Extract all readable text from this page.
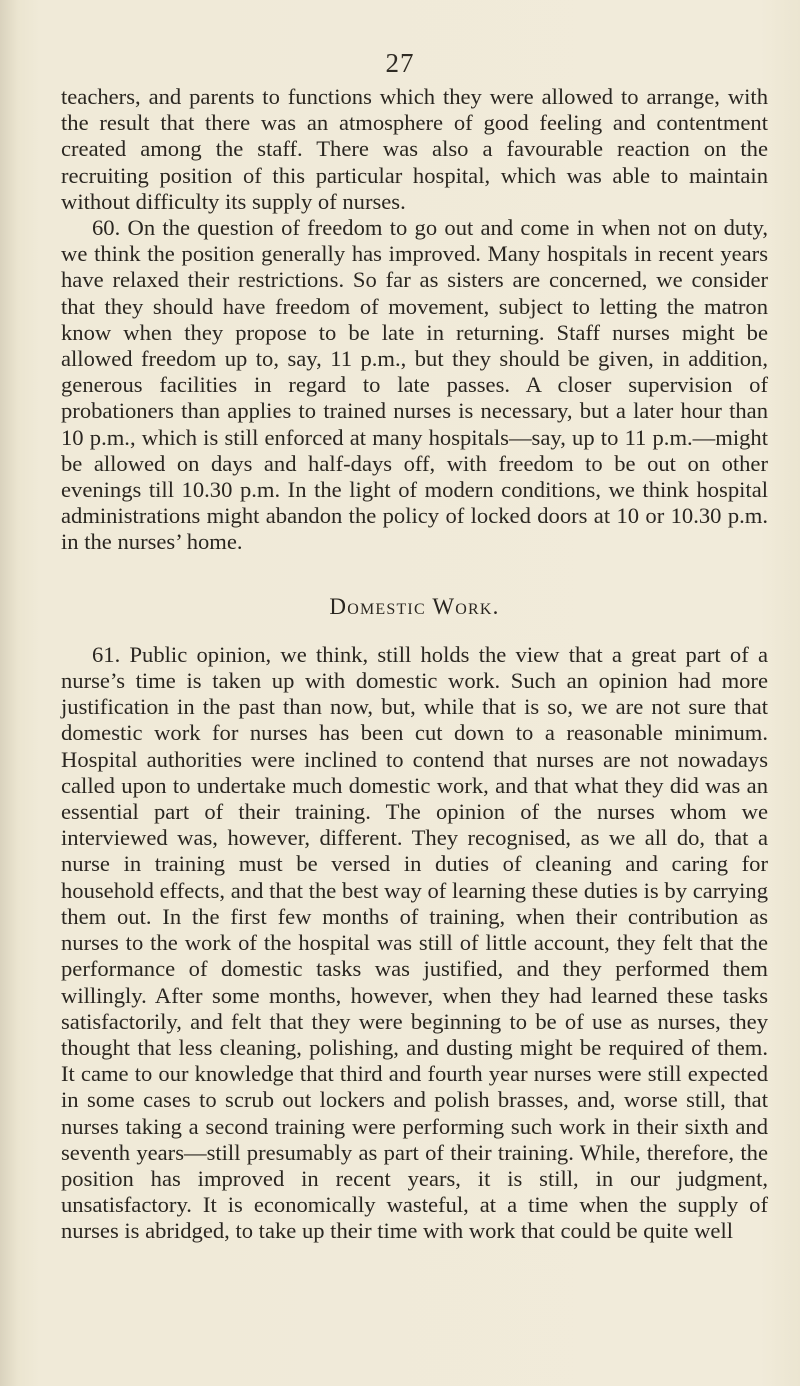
27

teachers, and parents to functions which they were allowed to arrange, with the result that there was an atmosphere of good feeling and contentment created among the staff. There was also a favourable reaction on the recruiting position of this particular hospital, which was able to maintain without difficulty its supply of nurses.

60. On the question of freedom to go out and come in when not on duty, we think the position generally has improved. Many hospitals in recent years have relaxed their restrictions. So far as sisters are concerned, we consider that they should have freedom of movement, subject to letting the matron know when they propose to be late in returning. Staff nurses might be allowed freedom up to, say, 11 p.m., but they should be given, in addition, generous facilities in regard to late passes. A closer supervision of probationers than applies to trained nurses is necessary, but a later hour than 10 p.m., which is still enforced at many hospitals—say, up to 11 p.m.—might be allowed on days and half-days off, with freedom to be out on other evenings till 10.30 p.m. In the light of modern conditions, we think hospital administrations might abandon the policy of locked doors at 10 or 10.30 p.m. in the nurses’ home.

Domestic Work.

61. Public opinion, we think, still holds the view that a great part of a nurse’s time is taken up with domestic work. Such an opinion had more justification in the past than now, but, while that is so, we are not sure that domestic work for nurses has been cut down to a reasonable minimum. Hospital authorities were inclined to contend that nurses are not nowadays called upon to undertake much domestic work, and that what they did was an essential part of their training. The opinion of the nurses whom we interviewed was, however, different. They recognised, as we all do, that a nurse in training must be versed in duties of cleaning and caring for household effects, and that the best way of learning these duties is by carrying them out. In the first few months of training, when their contribution as nurses to the work of the hospital was still of little account, they felt that the performance of domestic tasks was justified, and they performed them willingly. After some months, however, when they had learned these tasks satisfactorily, and felt that they were beginning to be of use as nurses, they thought that less cleaning, polishing, and dusting might be required of them. It came to our knowledge that third and fourth year nurses were still expected in some cases to scrub out lockers and polish brasses, and, worse still, that nurses taking a second training were performing such work in their sixth and seventh years—still presumably as part of their training. While, therefore, the position has improved in recent years, it is still, in our judgment, unsatisfactory. It is economically wasteful, at a time when the supply of nurses is abridged, to take up their time with work that could be quite well
